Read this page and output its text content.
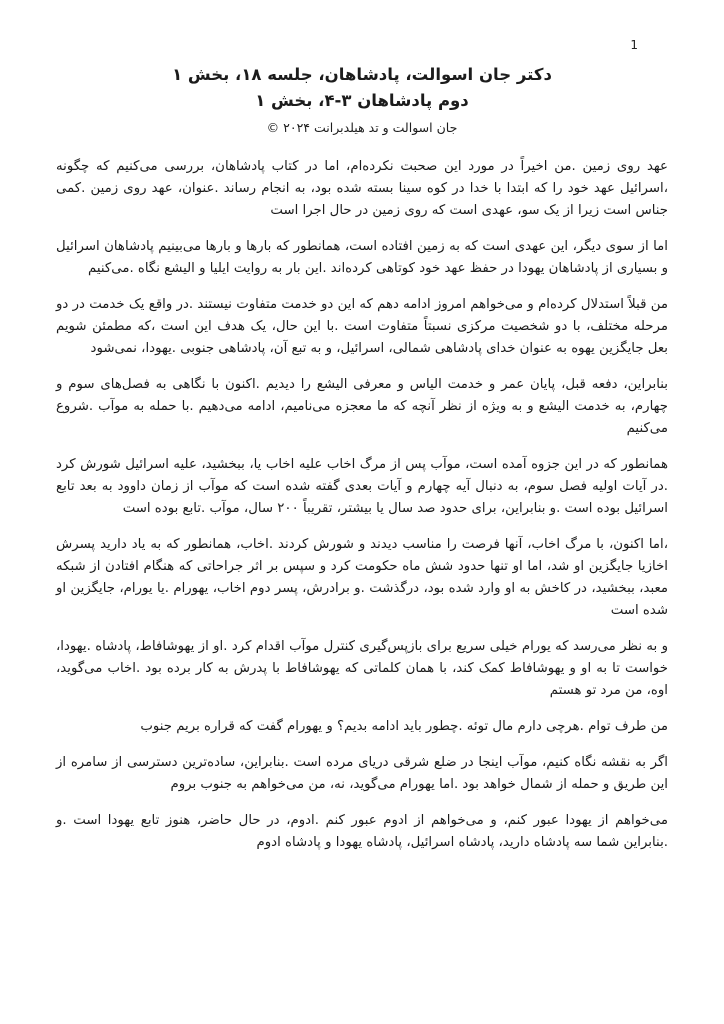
1
دکتر جان اسوالت، پادشاهان، جلسه ۱۸، بخش ۱
دوم پادشاهان ۳-۴، بخش ۱
جان اسوالت و تد هیلدبرانت ۲۰۲۴ ©

عهد روی زمین .من اخیراً در مورد این صحبت نکرده‌ام، اما در کتاب پادشاهان، بررسی می‌کنیم که چگونه ،اسرائیل عهد خود را که ابتدا با خدا در کوه سینا بسته شده بود، به انجام رساند .عنوان، عهد روی زمین .کمی جناس است زیرا از یک سو، عهدی است که روی زمین در حال اجرا است

اما از سوی دیگر، این عهدی است که به زمین افتاده است، همانطور که بارها و بارها می‌بینیم پادشاهان اسرائیل و بسیاری از پادشاهان یهودا در حفظ عهد خود کوتاهی کرده‌اند .این بار به روایت ایلیا و الیشع نگاه .می‌کنیم

من قبلاً استدلال کرده‌ام و می‌خواهم امروز ادامه دهم که این دو خدمت متفاوت نیستند .در واقع یک خدمت در دو مرحله مختلف، با دو شخصیت مرکزی نسبتاً متفاوت است .با این حال، یک هدف این است ،که مطمئن شویم بعل جایگزین یهوه به عنوان خدای پادشاهی شمالی، اسرائیل، و به تبع آن، پادشاهی جنوبی .یهودا، نمی‌شود

بنابراین، دفعه قبل، پایان عمر و خدمت الیاس و معرفی الیشع را دیدیم .اکنون با نگاهی به فصل‌های سوم و چهارم، به خدمت الیشع و به ویژه از نظر آنچه که ما معجزه می‌نامیم، ادامه می‌دهیم .با حمله به موآب .شروع می‌کنیم

همانطور که در این جزوه آمده است، موآب پس از مرگ اخاب علیه اخاب یا، ببخشید، علیه اسرائیل شورش کرد .در آیات اولیه فصل سوم، به دنبال آیه چهارم و آیات بعدی گفته شده است که موآب از زمان داوود به بعد تابع اسرائیل بوده است .و بنابراین، برای حدود صد سال یا بیشتر، تقریباً ۲۰۰ سال، موآب .تابع بوده است

،اما اکنون، با مرگ اخاب، آنها فرصت را مناسب دیدند و شورش کردند .اخاب، همانطور که به یاد دارید پسرش اخازیا جایگزین او شد، اما او تنها حدود شش ماه حکومت کرد و سپس بر اثر جراحاتی که هنگام افتادن از شبکه معبد، ببخشید، در کاخش به او وارد شده بود، درگذشت .و برادرش، پسر دوم اخاب، یهورام .یا یورام، جایگزین او شده است

و به نظر می‌رسد که یورام خیلی سریع برای بازپس‌گیری کنترل موآب اقدام کرد .او از یهوشافاط، پادشاه .یهودا، خواست تا به او و یهوشافاط کمک کند، با همان کلماتی که یهوشافاط با پدرش به کار برده بود .اخاب می‌گوید، اوه، من مرد تو هستم

من طرف توام .هرچی دارم مال توئه .چطور باید ادامه بدیم؟ و یهورام گفت که قراره بریم جنوب

اگر به نقشه نگاه کنیم، موآب اینجا در ضلع شرقی دریای مرده است .بنابراین، ساده‌ترین دسترسی از سامره از این طریق و حمله از شمال خواهد بود .اما یهورام می‌گوید، نه، من می‌خواهم به جنوب بروم

می‌خواهم از یهودا عبور کنم، و می‌خواهم از ادوم عبور کنم .ادوم، در حال حاضر، هنوز تابع یهودا است .و .بنابراین شما سه پادشاه دارید، پادشاه اسرائیل، پادشاه یهودا و پادشاه ادوم
